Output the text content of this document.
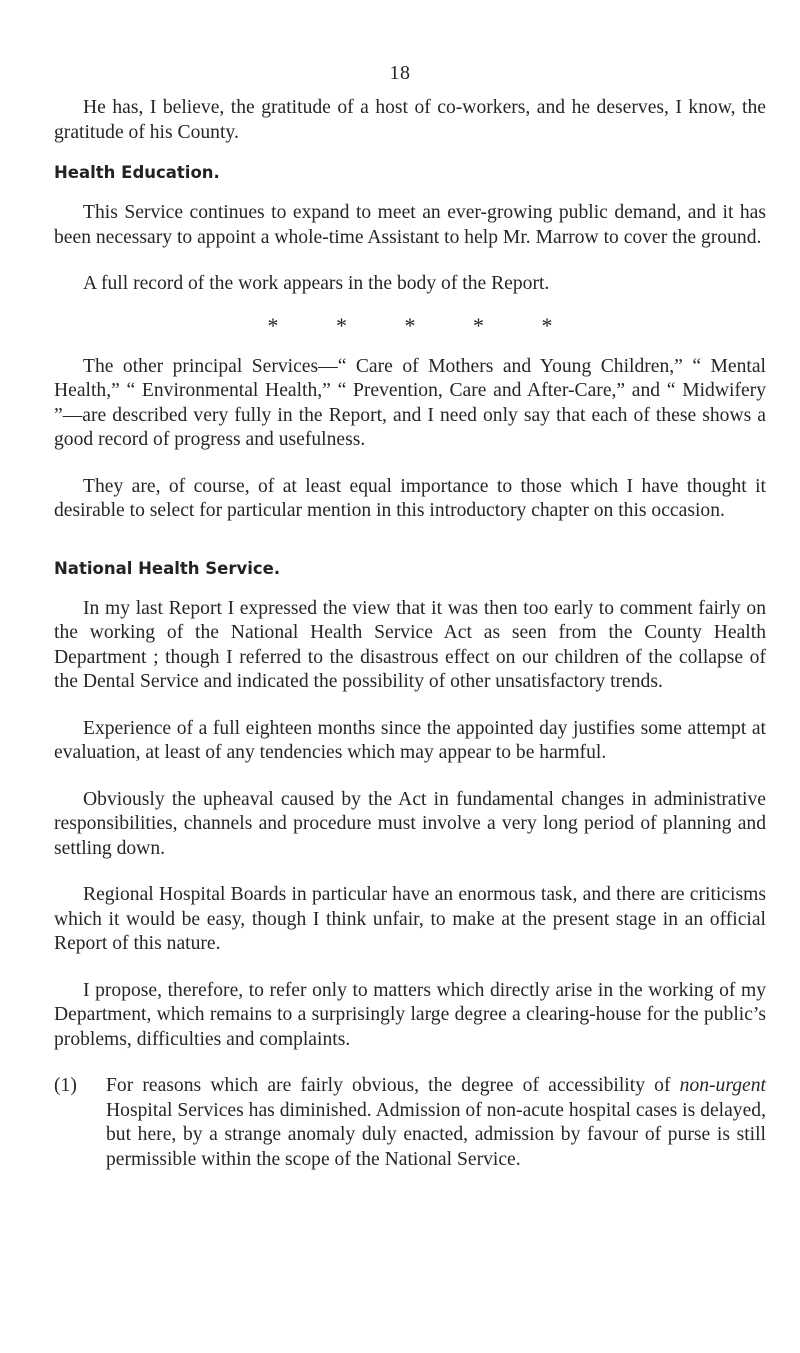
18

He has, I believe, the gratitude of a host of co-workers, and he deserves, I know, the gratitude of his County.

Health Education.

This Service continues to expand to meet an ever-growing public demand, and it has been necessary to appoint a whole-time Assistant to help Mr. Marrow to cover the ground.

A full record of the work appears in the body of the Report.

* * * * *

The other principal Services—“ Care of Mothers and Young Children,” “ Mental Health,” “ Environmental Health,” “ Prevention, Care and After-Care,” and “ Midwifery ”—are described very fully in the Report, and I need only say that each of these shows a good record of progress and usefulness.

They are, of course, of at least equal importance to those which I have thought it desirable to select for particular mention in this introductory chapter on this occasion.

National Health Service.

In my last Report I expressed the view that it was then too early to comment fairly on the working of the National Health Service Act as seen from the County Health Department ; though I referred to the disastrous effect on our children of the collapse of the Dental Service and indicated the possibility of other unsatisfactory trends.

Experience of a full eighteen months since the appointed day justifies some attempt at evaluation, at least of any tendencies which may appear to be harmful.

Obviously the upheaval caused by the Act in fundamental changes in administrative responsibilities, channels and procedure must involve a very long period of planning and settling down.

Regional Hospital Boards in particular have an enormous task, and there are criticisms which it would be easy, though I think unfair, to make at the present stage in an official Report of this nature.

I propose, therefore, to refer only to matters which directly arise in the working of my Department, which remains to a surprisingly large degree a clearing-house for the public’s problems, difficulties and complaints.

(1)	For reasons which are fairly obvious, the degree of accessibility of non-urgent Hospital Services has diminished. Admission of non-acute hospital cases is delayed, but here, by a strange anomaly duly enacted, admission by favour of purse is still permissible within the scope of the National Service.
